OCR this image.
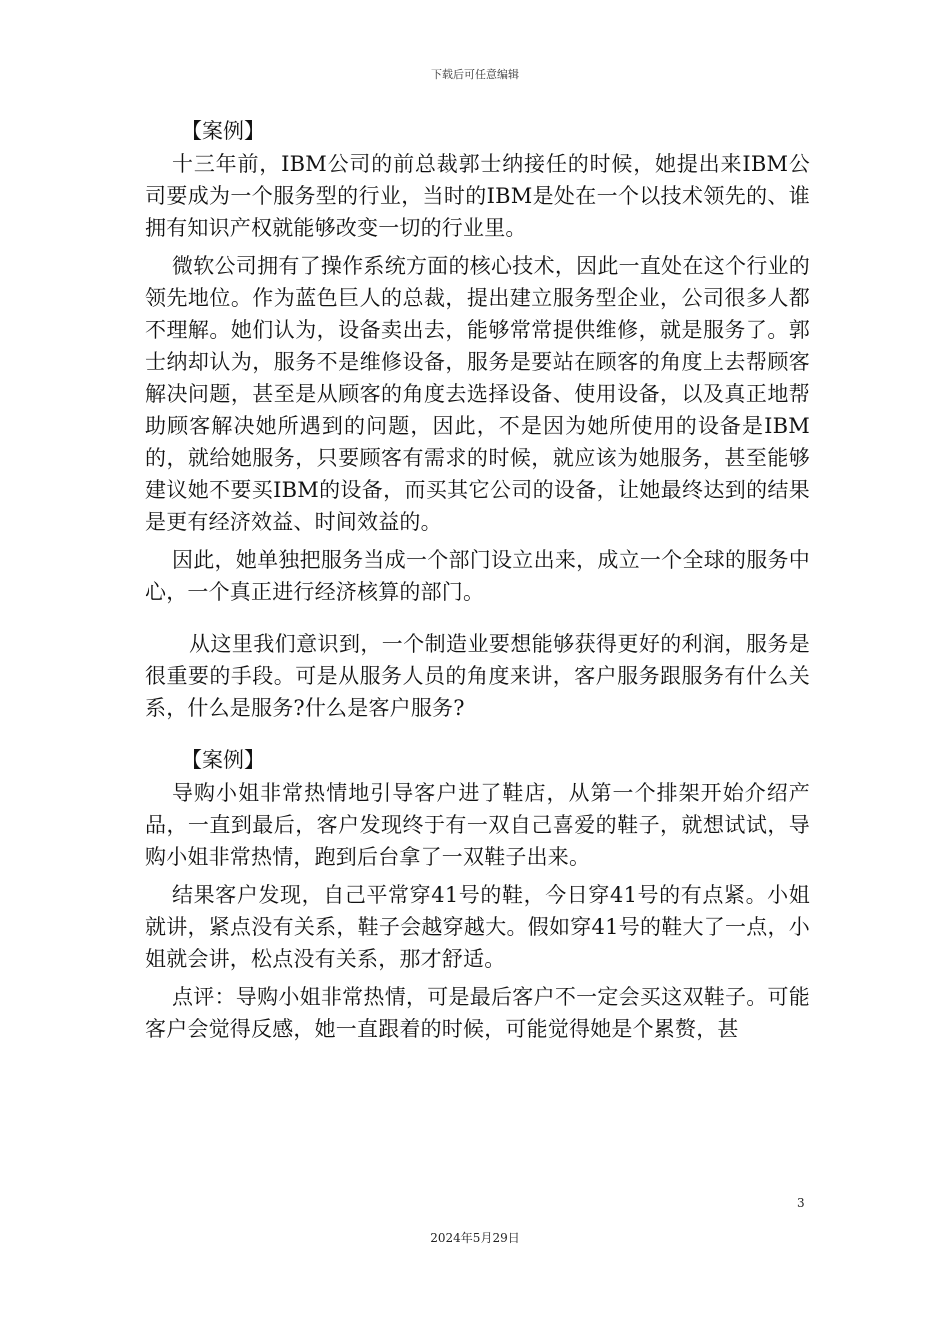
下载后可任意编辑

【案例】

十三年前，IBM公司的前总裁郭士纳接任的时候，她提出来IBM公司要成为一个服务型的行业，当时的IBM是处在一个以技术领先的、谁拥有知识产权就能够改变一切的行业里。

微软公司拥有了操作系统方面的核心技术，因此一直处在这个行业的领先地位。作为蓝色巨人的总裁，提出建立服务型企业，公司很多人都不理解。她们认为，设备卖出去，能够常常提供维修，就是服务了。郭士纳却认为，服务不是维修设备，服务是要站在顾客的角度上去帮顾客解决问题，甚至是从顾客的角度去选择设备、使用设备，以及真正地帮助顾客解决她所遇到的问题，因此，不是因为她所使用的设备是IBM的，就给她服务，只要顾客有需求的时候，就应该为她服务，甚至能够建议她不要买IBM的设备，而买其它公司的设备，让她最终达到的结果是更有经济效益、时间效益的。

因此，她单独把服务当成一个部门设立出来，成立一个全球的服务中心，一个真正进行经济核算的部门。

从这里我们意识到，一个制造业要想能够获得更好的利润，服务是很重要的手段。可是从服务人员的角度来讲，客户服务跟服务有什么关系，什么是服务?什么是客户服务?

【案例】

导购小姐非常热情地引导客户进了鞋店，从第一个排架开始介绍产品，一直到最后，客户发现终于有一双自己喜爱的鞋子，就想试试，导购小姐非常热情，跑到后台拿了一双鞋子出来。

结果客户发现，自己平常穿41号的鞋，今日穿41号的有点紧。小姐就讲，紧点没有关系，鞋子会越穿越大。假如穿41号的鞋大了一点，小姐就会讲，松点没有关系，那才舒适。

点评：导购小姐非常热情，可是最后客户不一定会买这双鞋子。可能客户会觉得反感，她一直跟着的时候，可能觉得她是个累赘，甚

3
2024年5月29日
